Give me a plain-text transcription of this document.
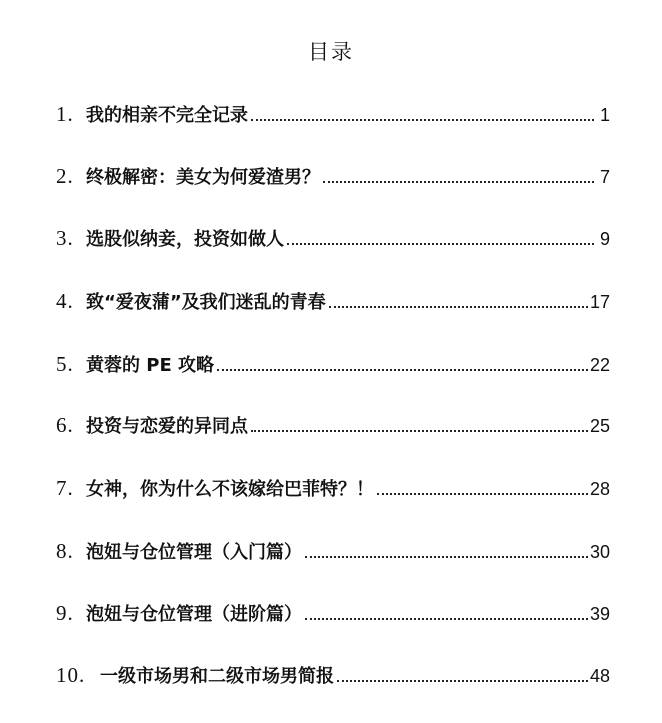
目录
1. 我的相亲不完全记录	1
2. 终极解密：美女为何爱渣男？	7
3. 选股似纳妾，投资如做人	9
4. 致“爱夜蒲”及我们迷乱的青春	17
5. 黄蓉的 PE 攻略	22
6. 投资与恋爱的异同点	25
7. 女神，你为什么不该嫁给巴菲特？！	28
8. 泡妞与仓位管理（入门篇）	30
9. 泡妞与仓位管理（进阶篇）	39
10. 一级市场男和二级市场男简报	48
